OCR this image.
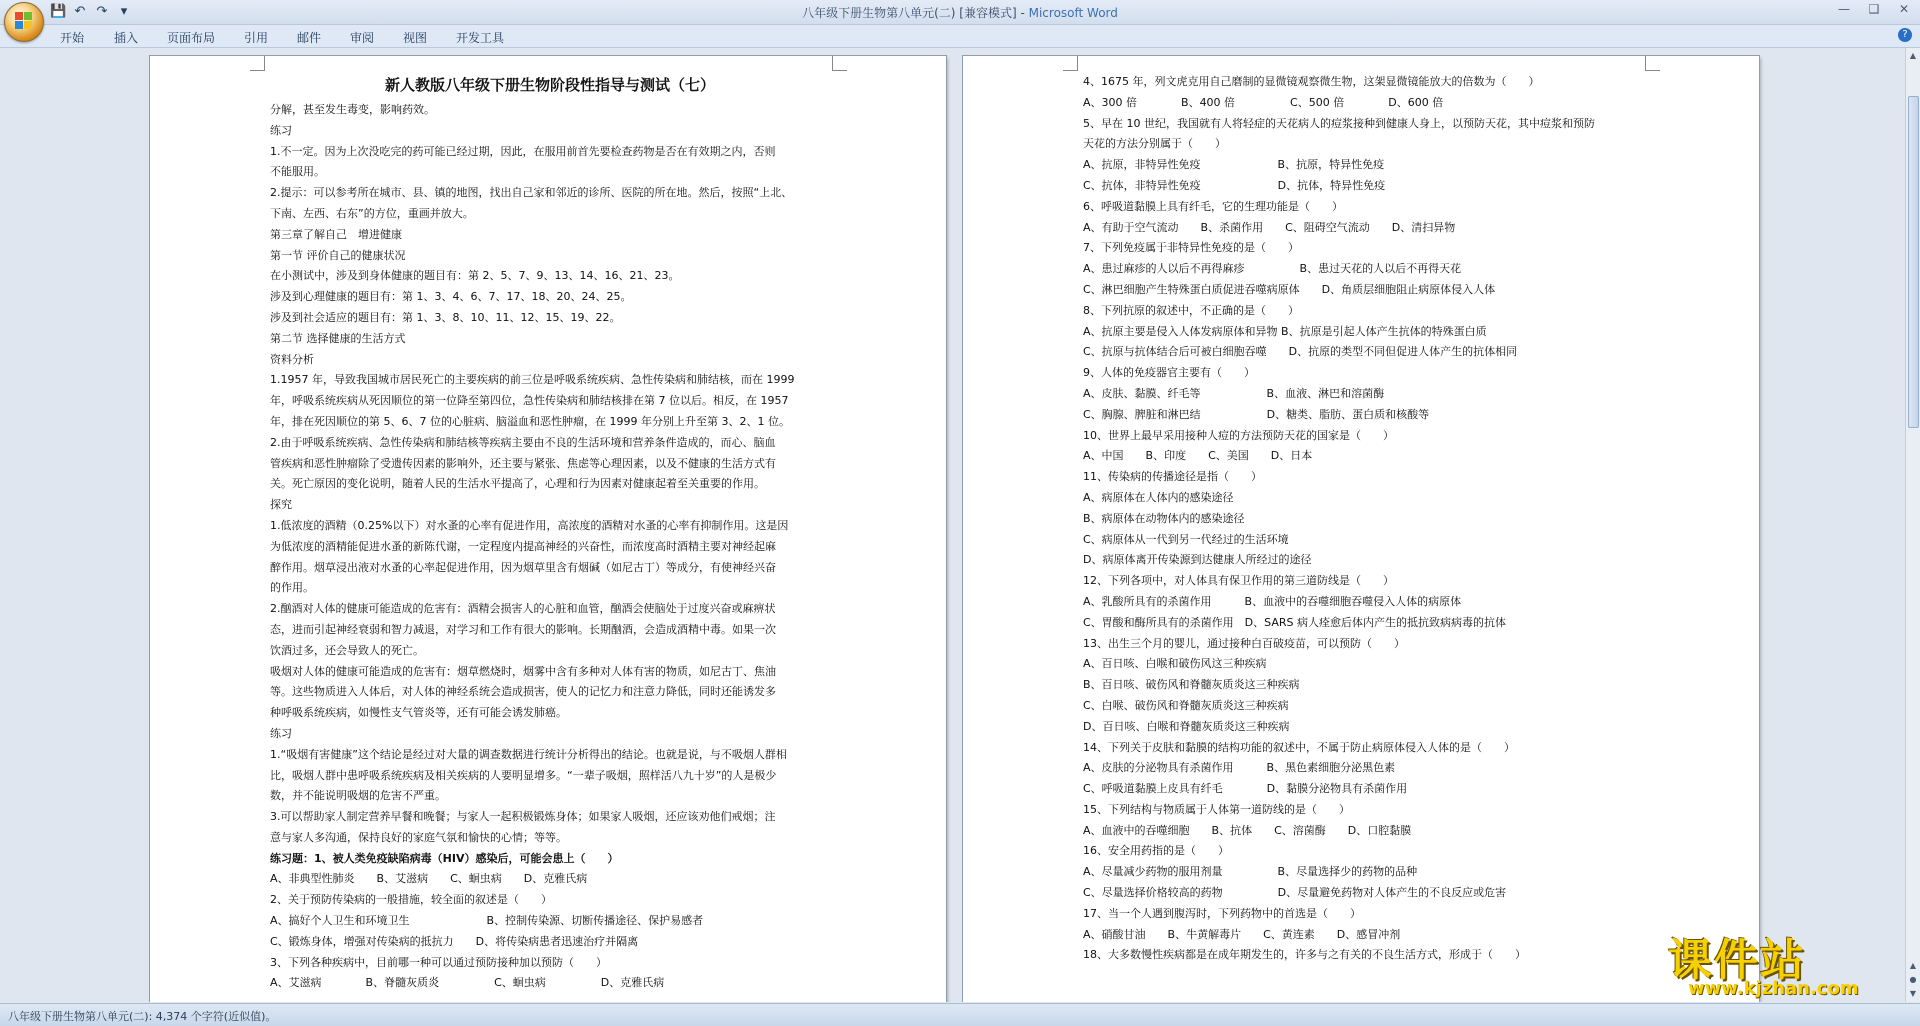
八年级下册生物第八单元(二) [兼容模式] - Microsoft Word
💾 ↶ ↷	▾	—	❑	✕
开始 插入 页面布局 引用 邮件 审阅 视图 开发工具	?
新人教版八年级下册生物阶段性指导与测试（七）
分解，甚至发生毒变，影响药效。
练习
1.不一定。因为上次没吃完的药可能已经过期，因此，在服用前首先要检查药物是否在有效期之内，否则
不能服用。
2.提示：可以参考所在城市、县、镇的地图，找出自己家和邻近的诊所、医院的所在地。然后，按照“上北、
下南、左西、右东”的方位，重画并放大。
第三章了解自己　增进健康
第一节 评价自己的健康状况
在小测试中，涉及到身体健康的题目有：第 2、5、7、9、13、14、16、21、23。
涉及到心理健康的题目有：第 1、3、4、6、7、17、18、20、24、25。
涉及到社会适应的题目有：第 1、3、8、10、11、12、15、19、22。
第二节 选择健康的生活方式
资料分析
1.1957 年，导致我国城市居民死亡的主要疾病的前三位是呼吸系统疾病、急性传染病和肺结核，而在 1999
年，呼吸系统疾病从死因顺位的第一位降至第四位，急性传染病和肺结核排在第 7 位以后。相反，在 1957
年，排在死因顺位的第 5、6、7 位的心脏病、脑溢血和恶性肿瘤，在 1999 年分别上升至第 3、2、1 位。
2.由于呼吸系统疾病、急性传染病和肺结核等疾病主要由不良的生活环境和营养条件造成的，而心、脑血
管疾病和恶性肿瘤除了受遗传因素的影响外，还主要与紧张、焦虑等心理因素，以及不健康的生活方式有
关。死亡原因的变化说明，随着人民的生活水平提高了，心理和行为因素对健康起着至关重要的作用。
探究
1.低浓度的酒精（0.25%以下）对水蚤的心率有促进作用，高浓度的酒精对水蚤的心率有抑制作用。这是因
为低浓度的酒精能促进水蚤的新陈代谢，一定程度内提高神经的兴奋性，而浓度高时酒精主要对神经起麻
醉作用。烟草浸出液对水蚤的心率起促进作用，因为烟草里含有烟碱（如尼古丁）等成分，有使神经兴奋
的作用。
2.酗酒对人体的健康可能造成的危害有：酒精会损害人的心脏和血管，酗酒会使脑处于过度兴奋或麻痹状
态，进而引起神经衰弱和智力减退，对学习和工作有很大的影响。长期酗酒，会造成酒精中毒。如果一次
饮酒过多，还会导致人的死亡。
吸烟对人体的健康可能造成的危害有：烟草燃烧时，烟雾中含有多种对人体有害的物质，如尼古丁、焦油
等。这些物质进入人体后，对人体的神经系统会造成损害，使人的记忆力和注意力降低，同时还能诱发多
种呼吸系统疾病，如慢性支气管炎等，还有可能会诱发肺癌。
练习
1.“吸烟有害健康”这个结论是经过对大量的调查数据进行统计分析得出的结论。也就是说，与不吸烟人群相
比，吸烟人群中患呼吸系统疾病及相关疾病的人要明显增多。“一辈子吸烟，照样活八九十岁”的人是极少
数，并不能说明吸烟的危害不严重。
3.可以帮助家人制定营养早餐和晚餐；与家人一起积极锻炼身体；如果家人吸烟，还应该劝他们戒烟；注
意与家人多沟通，保持良好的家庭气氛和愉快的心情；等等。
练习题：1、被人类免疫缺陷病毒（HIV）感染后，可能会患上（　　）
A、非典型性肺炎　　B、艾滋病　　C、蛔虫病　　D、克雅氏病
2、关于预防传染病的一般措施，较全面的叙述是（　　）
A、搞好个人卫生和环境卫生　　　　　　　B、控制传染源、切断传播途径、保护易感者
C、锻炼身体，增强对传染病的抵抗力　　D、将传染病患者迅速治疗并隔离
3、下列各种疾病中，目前哪一种可以通过预防接种加以预防（　　）
A、艾滋病　　　　B、脊髓灰质炎　　　　　C、蛔虫病　　　　　D、克雅氏病
4、1675 年，列文虎克用自己磨制的显微镜观察微生物，这架显微镜能放大的倍数为（　　）
A、300 倍　　　　B、400 倍　　　　　C、500 倍　　　　D、600 倍
5、早在 10 世纪，我国就有人将轻症的天花病人的痘浆接种到健康人身上，以预防天花，其中痘浆和预防
天花的方法分别属于（　　）
A、抗原，非特异性免疫　　　　　　　B、抗原，特异性免疫
C、抗体，非特异性免疫　　　　　　　D、抗体，特异性免疫
6、呼吸道黏膜上具有纤毛，它的生理功能是（　　）
A、有助于空气流动　　B、杀菌作用　　C、阻碍空气流动　　D、清扫异物
7、下列免疫属于非特异性免疫的是（　　）
A、患过麻疹的人以后不再得麻疹　　　　　B、患过天花的人以后不再得天花
C、淋巴细胞产生特殊蛋白质促进吞噬病原体　　D、角质层细胞阻止病原体侵入人体
8、下列抗原的叙述中，不正确的是（　　）
A、抗原主要是侵入人体发病原体和异物 B、抗原是引起人体产生抗体的特殊蛋白质
C、抗原与抗体结合后可被白细胞吞噬　　D、抗原的类型不同但促进人体产生的抗体相同
9、人体的免疫器官主要有（　　）
A、皮肤、黏膜、纤毛等　　　　　　B、血液、淋巴和溶菌酶
C、胸腺、脾脏和淋巴结　　　　　　D、糖类、脂肪、蛋白质和核酸等
10、世界上最早采用接种人痘的方法预防天花的国家是（　　）
A、中国　　B、印度　　C、美国　　D、日本
11、传染病的传播途径是指（　　）
A、病原体在人体内的感染途径
B、病原体在动物体内的感染途径
C、病原体从一代到另一代经过的生活环境
D、病原体离开传染源到达健康人所经过的途径
12、下列各项中，对人体具有保卫作用的第三道防线是（　　）
A、乳酸所具有的杀菌作用　　　B、血液中的吞噬细胞吞噬侵入人体的病原体
C、胃酸和酶所具有的杀菌作用　D、SARS 病人痊愈后体内产生的抵抗致病病毒的抗体
13、出生三个月的婴儿，通过接种白百破疫苗，可以预防（　　）
A、百日咳、白喉和破伤风这三种疾病
B、百日咳、破伤风和脊髓灰质炎这三种疾病
C、白喉、破伤风和脊髓灰质炎这三种疾病
D、百日咳、白喉和脊髓灰质炎这三种疾病
14、下列关于皮肤和黏膜的结构功能的叙述中，不属于防止病原体侵入人体的是（　　）
A、皮肤的分泌物具有杀菌作用　　　B、黑色素细胞分泌黑色素
C、呼吸道黏膜上皮具有纤毛　　　　D、黏膜分泌物具有杀菌作用
15、下列结构与物质属于人体第一道防线的是（　　）
A、血液中的吞噬细胞　　B、抗体　　C、溶菌酶　　D、口腔黏膜
16、安全用药指的是（　　）
A、尽量减少药物的服用剂量　　　　　B、尽量选择少的药物的品种
C、尽量选择价格较高的药物　　　　　D、尽量避免药物对人体产生的不良反应或危害
17、当一个人遇到腹泻时，下列药物中的首选是（　　）
A、硝酸甘油　　B、牛黄解毒片　　C、黄连素　　D、感冒冲剂
18、大多数慢性疾病都是在成年期发生的，许多与之有关的不良生活方式，形成于（　　）
▲
▲
●
▼
八年级下册生物第八单元(二): 4,374 个字符(近似值)。
课件站
www.kjzhan.com
